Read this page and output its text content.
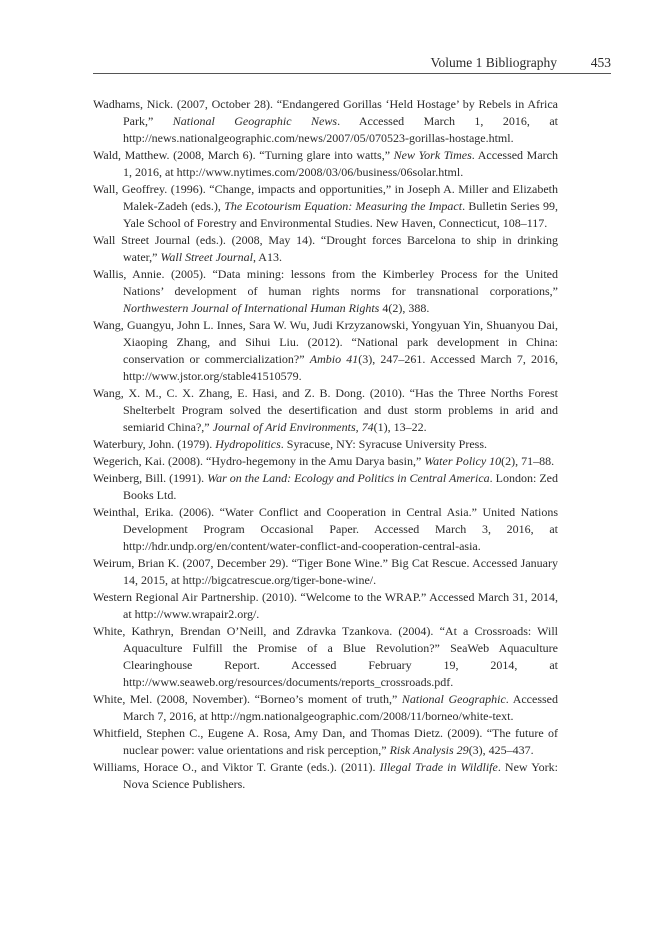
Volume 1 Bibliography	453

Wadhams, Nick. (2007, October 28). “Endangered Gorillas ‘Held Hostage’ by Rebels in Africa Park,” National Geographic News. Accessed March 1, 2016, at http://news.nationalgeographic.com/news/2007/05/070523-gorillas-hostage.html.

Wald, Matthew. (2008, March 6). “Turning glare into watts,” New York Times. Accessed March 1, 2016, at http://www.nytimes.com/2008/03/06/business/06solar.html.

Wall, Geoffrey. (1996). “Change, impacts and opportunities,” in Joseph A. Miller and Elizabeth Malek-Zadeh (eds.), The Ecotourism Equation: Measuring the Impact. Bulletin Series 99, Yale School of Forestry and Environmental Studies. New Haven, Connecticut, 108–117.

Wall Street Journal (eds.). (2008, May 14). “Drought forces Barcelona to ship in drinking water,” Wall Street Journal, A13.

Wallis, Annie. (2005). “Data mining: lessons from the Kimberley Process for the United Nations’ development of human rights norms for transnational corporations,” Northwestern Journal of International Human Rights 4(2), 388.

Wang, Guangyu, John L. Innes, Sara W. Wu, Judi Krzyzanowski, Yongyuan Yin, Shuanyou Dai, Xiaoping Zhang, and Sihui Liu. (2012). “National park development in China: conservation or commercialization?” Ambio 41(3), 247–261. Accessed March 7, 2016, http://www.jstor.org/stable41510579.

Wang, X. M., C. X. Zhang, E. Hasi, and Z. B. Dong. (2010). “Has the Three Norths Forest Shelterbelt Program solved the desertification and dust storm problems in arid and semiarid China?,” Journal of Arid Environments, 74(1), 13–22.

Waterbury, John. (1979). Hydropolitics. Syracuse, NY: Syracuse University Press.

Wegerich, Kai. (2008). “Hydro-hegemony in the Amu Darya basin,” Water Policy 10(2), 71–88.

Weinberg, Bill. (1991). War on the Land: Ecology and Politics in Central America. London: Zed Books Ltd.

Weinthal, Erika. (2006). “Water Conflict and Cooperation in Central Asia.” United Nations Development Program Occasional Paper. Accessed March 3, 2016, at http://hdr.undp.org/en/content/water-conflict-and-cooperation-central-asia.

Weirum, Brian K. (2007, December 29). “Tiger Bone Wine.” Big Cat Rescue. Accessed January 14, 2015, at http://bigcatrescue.org/tiger-bone-wine/.

Western Regional Air Partnership. (2010). “Welcome to the WRAP.” Accessed March 31, 2014, at http://www.wrapair2.org/.

White, Kathryn, Brendan O’Neill, and Zdravka Tzankova. (2004). “At a Crossroads: Will Aquaculture Fulfill the Promise of a Blue Revolution?” SeaWeb Aquaculture Clearinghouse Report. Accessed February 19, 2014, at http://www.seaweb.org/resources/documents/reports_crossroads.pdf.

White, Mel. (2008, November). “Borneo’s moment of truth,” National Geographic. Accessed March 7, 2016, at http://ngm.nationalgeographic.com/2008/11/borneo/white-text.

Whitfield, Stephen C., Eugene A. Rosa, Amy Dan, and Thomas Dietz. (2009). “The future of nuclear power: value orientations and risk perception,” Risk Analysis 29(3), 425–437.

Williams, Horace O., and Viktor T. Grante (eds.). (2011). Illegal Trade in Wildlife. New York: Nova Science Publishers.
